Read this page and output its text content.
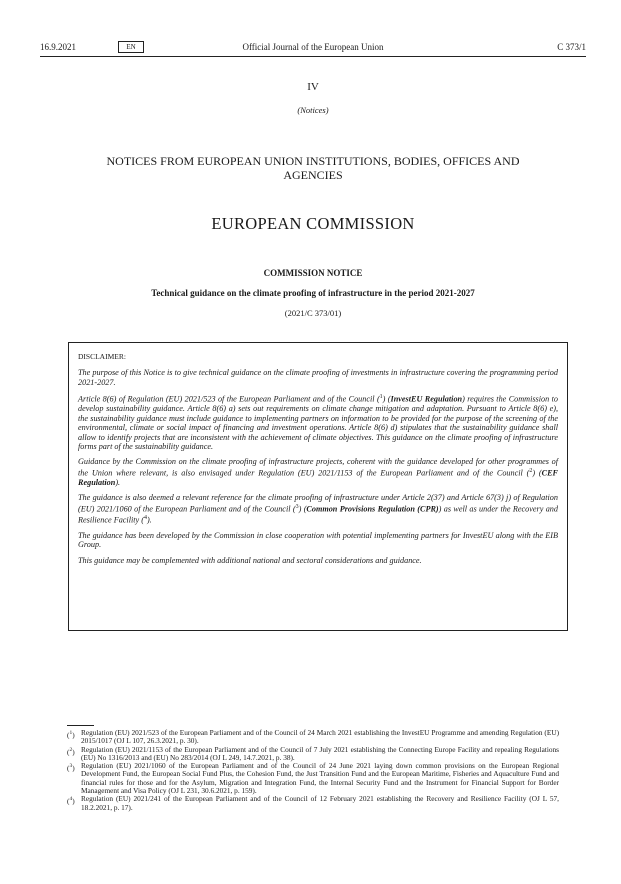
16.9.2021	EN	Official Journal of the European Union	C 373/1
IV
(Notices)
NOTICES FROM EUROPEAN UNION INSTITUTIONS, BODIES, OFFICES AND AGENCIES
EUROPEAN COMMISSION
COMMISSION NOTICE
Technical guidance on the climate proofing of infrastructure in the period 2021-2027
(2021/C 373/01)
DISCLAIMER:

The purpose of this Notice is to give technical guidance on the climate proofing of investments in infrastructure covering the programming period 2021-2027.

Article 8(6) of Regulation (EU) 2021/523 of the European Parliament and of the Council ($^1$) (InvestEU Regulation) requires the Commission to develop sustainability guidance. Article 8(6) a) sets out requirements on climate change mitigation and adaptation. Pursuant to Article 8(6) e), the sustainability guidance must include guidance to implementing partners on information to be provided for the purpose of the screening of the environmental, climate or social impact of financing and investment operations. Article 8(6) d) stipulates that the sustainability guidance shall allow to identify projects that are inconsistent with the achievement of climate objectives. This guidance on the climate proofing of infrastructure forms part of the sustainability guidance.

Guidance by the Commission on the climate proofing of infrastructure projects, coherent with the guidance developed for other programmes of the Union where relevant, is also envisaged under Regulation (EU) 2021/1153 of the European Parliament and of the Council ($^2$) (CEF Regulation).

The guidance is also deemed a relevant reference for the climate proofing of infrastructure under Article 2(37) and Article 67(3) j) of Regulation (EU) 2021/1060 of the European Parliament and of the Council ($^3$) (Common Provisions Regulation (CPR)) as well as under the Recovery and Resilience Facility ($^4$).

The guidance has been developed by the Commission in close cooperation with potential implementing partners for InvestEU along with the EIB Group.

This guidance may be complemented with additional national and sectoral considerations and guidance.

($^1$) Regulation (EU) 2021/523 of the European Parliament and of the Council of 24 March 2021 establishing the InvestEU Programme and amending Regulation (EU) 2015/1017 (OJ L 107, 26.3.2021, p. 30).
($^2$) Regulation (EU) 2021/1153 of the European Parliament and of the Council of 7 July 2021 establishing the Connecting Europe Facility and repealing Regulations (EU) No 1316/2013 and (EU) No 283/2014 (OJ L 249, 14.7.2021, p. 38).
($^3$) Regulation (EU) 2021/1060 of the European Parliament and of the Council of 24 June 2021 laying down common provisions on the European Regional Development Fund, the European Social Fund Plus, the Cohesion Fund, the Just Transition Fund and the European Maritime, Fisheries and Aquaculture Fund and financial rules for those and for the Asylum, Migration and Integration Fund, the Internal Security Fund and the Instrument for Financial Support for Border Management and Visa Policy (OJ L 231, 30.6.2021, p. 159).
($^4$) Regulation (EU) 2021/241 of the European Parliament and of the Council of 12 February 2021 establishing the Recovery and Resilience Facility (OJ L 57, 18.2.2021, p. 17).
